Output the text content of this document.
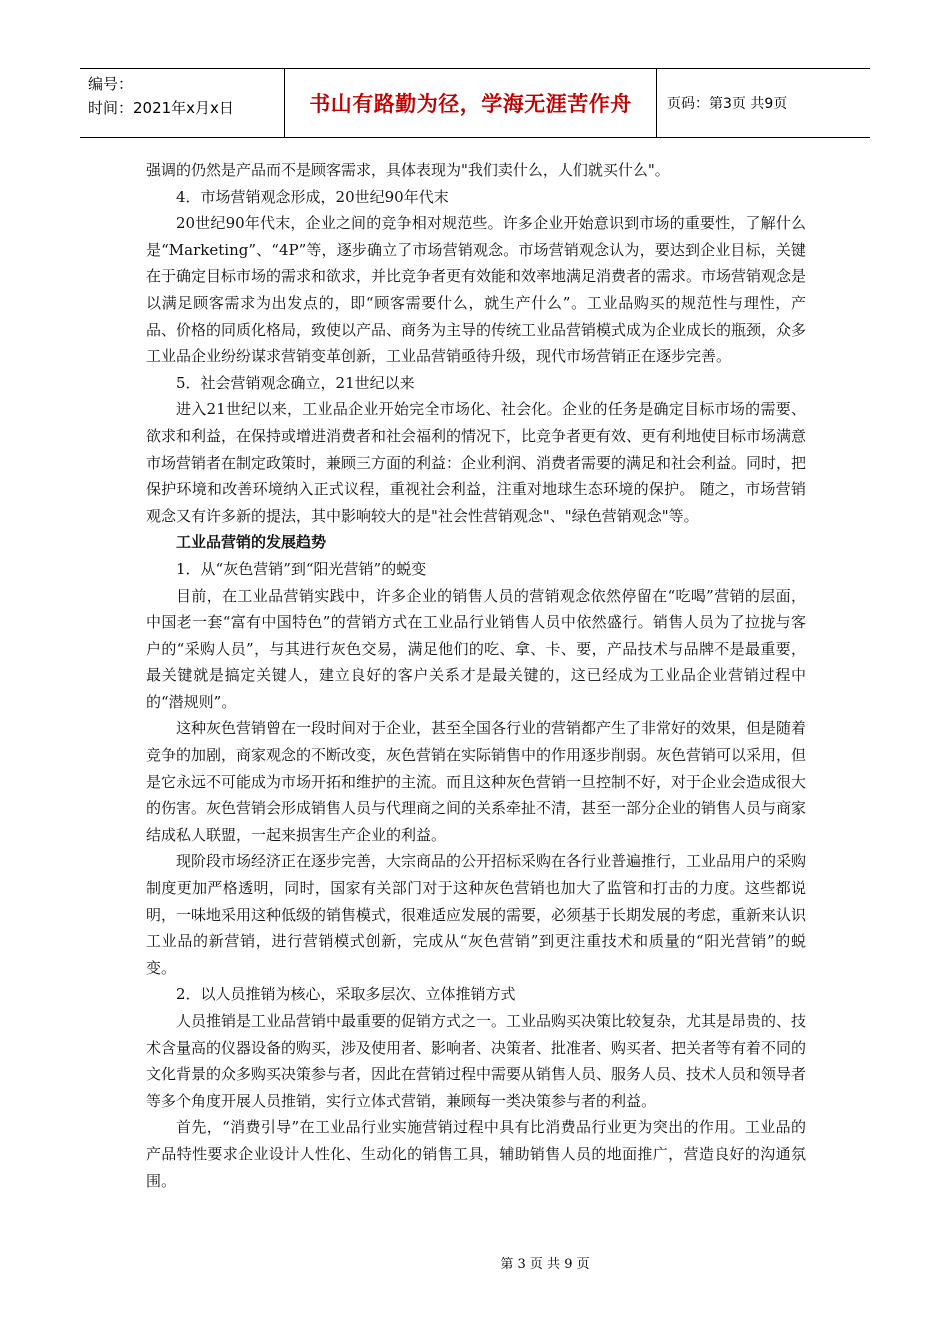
编号：
时间：2021年x月x日	书山有路勤为径，学海无涯苦作舟	页码：第3页 共9页

强调的仍然是产品而不是顾客需求，具体表现为"我们卖什么，人们就买什么"。

4．市场营销观念形成，20世纪90年代末

20世纪90年代末，企业之间的竞争相对规范些。许多企业开始意识到市场的重要性，了解什么是“Marketing”、“4P”等，逐步确立了市场营销观念。市场营销观念认为，要达到企业目标，关键在于确定目标市场的需求和欲求，并比竞争者更有效能和效率地满足消费者的需求。市场营销观念是以满足顾客需求为出发点的，即“顾客需要什么，就生产什么”。工业品购买的规范性与理性，产品、价格的同质化格局，致使以产品、商务为主导的传统工业品营销模式成为企业成长的瓶颈，众多工业品企业纷纷谋求营销变革创新，工业品营销亟待升级，现代市场营销正在逐步完善。

5．社会营销观念确立，21世纪以来

进入21世纪以来，工业品企业开始完全市场化、社会化。企业的任务是确定目标市场的需要、欲求和利益，在保持或增进消费者和社会福利的情况下，比竞争者更有效、更有利地使目标市场满意市场营销者在制定政策时，兼顾三方面的利益：企业利润、消费者需要的满足和社会利益。同时，把保护环境和改善环境纳入正式议程，重视社会利益，注重对地球生态环境的保护。 随之，市场营销观念又有许多新的提法，其中影响较大的是"社会性营销观念"、"绿色营销观念"等。

工业品营销的发展趋势

1．从“灰色营销”到“阳光营销”的蜕变

目前，在工业品营销实践中，许多企业的销售人员的营销观念依然停留在“吃喝”营销的层面，中国老一套“富有中国特色”的营销方式在工业品行业销售人员中依然盛行。销售人员为了拉拢与客户的“采购人员”，与其进行灰色交易，满足他们的吃、拿、卡、要，产品技术与品牌不是最重要，最关键就是搞定关键人，建立良好的客户关系才是最关键的，这已经成为工业品企业营销过程中的“潜规则”。

这种灰色营销曾在一段时间对于企业，甚至全国各行业的营销都产生了非常好的效果，但是随着竞争的加剧，商家观念的不断改变，灰色营销在实际销售中的作用逐步削弱。灰色营销可以采用，但是它永远不可能成为市场开拓和维护的主流。而且这种灰色营销一旦控制不好，对于企业会造成很大的伤害。灰色营销会形成销售人员与代理商之间的关系牵扯不清，甚至一部分企业的销售人员与商家结成私人联盟，一起来损害生产企业的利益。

现阶段市场经济正在逐步完善，大宗商品的公开招标采购在各行业普遍推行，工业品用户的采购制度更加严格透明，同时，国家有关部门对于这种灰色营销也加大了监管和打击的力度。这些都说明，一味地采用这种低级的销售模式，很难适应发展的需要，必须基于长期发展的考虑，重新来认识工业品的新营销，进行营销模式创新，完成从“灰色营销”到更注重技术和质量的“阳光营销”的蜕变。

2．以人员推销为核心，采取多层次、立体推销方式

人员推销是工业品营销中最重要的促销方式之一。工业品购买决策比较复杂，尤其是昂贵的、技术含量高的仪器设备的购买，涉及使用者、影响者、决策者、批准者、购买者、把关者等有着不同的文化背景的众多购买决策参与者，因此在营销过程中需要从销售人员、服务人员、技术人员和领导者等多个角度开展人员推销，实行立体式营销，兼顾每一类决策参与者的利益。

首先，“消费引导”在工业品行业实施营销过程中具有比消费品行业更为突出的作用。工业品的产品特性要求企业设计人性化、生动化的销售工具，辅助销售人员的地面推广，营造良好的沟通氛围。

第 3 页 共 9 页
